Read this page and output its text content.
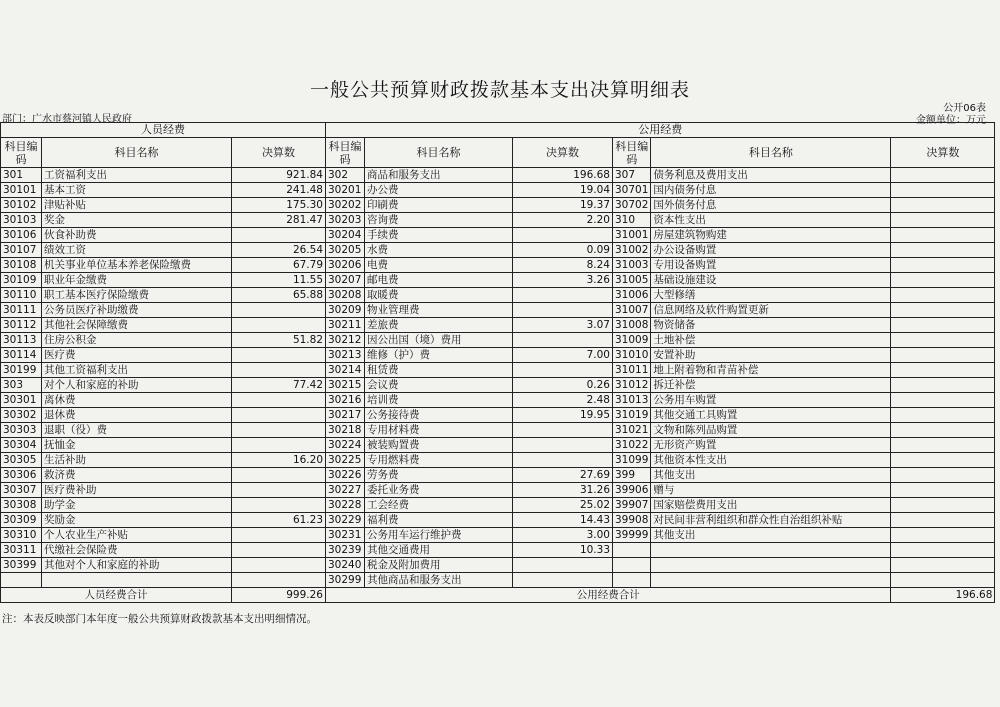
一般公共预算财政拨款基本支出决算明细表
部门：广水市蔡河镇人民政府
公开06表
金额单位：万元
人员经费			公用经费					
科目编码	科目名称	决算数	科目编码	科目名称	决算数	科目编码	科目名称	决算数
301	工资福利支出	921.84	302	商品和服务支出	196.68	307	债务利息及费用支出	
30101	基本工资	241.48	30201	办公费	19.04	30701	国内债务付息	
30102	津贴补贴	175.30	30202	印刷费	19.37	30702	国外债务付息	
30103	奖金	281.47	30203	咨询费	2.20	310	资本性支出	
30106	伙食补助费		30204	手续费		31001	房屋建筑物购建	
30107	绩效工资	26.54	30205	水费	0.09	31002	办公设备购置	
30108	机关事业单位基本养老保险缴费	67.79	30206	电费	8.24	31003	专用设备购置	
30109	职业年金缴费	11.55	30207	邮电费	3.26	31005	基础设施建设	
30110	职工基本医疗保险缴费	65.88	30208	取暖费		31006	大型修缮	
30111	公务员医疗补助缴费		30209	物业管理费		31007	信息网络及软件购置更新	
30112	其他社会保障缴费		30211	差旅费	3.07	31008	物资储备	
30113	住房公积金	51.82	30212	因公出国（境）费用		31009	土地补偿	
30114	医疗费		30213	维修（护）费	7.00	31010	安置补助	
30199	其他工资福利支出		30214	租赁费		31011	地上附着物和青苗补偿	
303	对个人和家庭的补助	77.42	30215	会议费	0.26	31012	拆迁补偿	
30301	离休费		30216	培训费	2.48	31013	公务用车购置	
30302	退休费		30217	公务接待费	19.95	31019	其他交通工具购置	
30303	退职（役）费		30218	专用材料费		31021	文物和陈列品购置	
30304	抚恤金		30224	被装购置费		31022	无形资产购置	
30305	生活补助	16.20	30225	专用燃料费		31099	其他资本性支出	
30306	救济费		30226	劳务费	27.69	399	其他支出	
30307	医疗费补助		30227	委托业务费	31.26	39906	赠与	
30308	助学金		30228	工会经费	25.02	39907	国家赔偿费用支出	
30309	奖励金	61.23	30229	福利费	14.43	39908	对民间非营利组织和群众性自治组织补贴	
30310	个人农业生产补贴		30231	公务用车运行维护费	3.00	39999	其他支出	
30311	代缴社会保险费		30239	其他交通费用	10.33			
30399	其他对个人和家庭的补助		30240	税金及附加费用				
			30299	其他商品和服务支出				
人员经费合计		999.26	公用经费合计					196.68
注：本表反映部门本年度一般公共预算财政拨款基本支出明细情况。
